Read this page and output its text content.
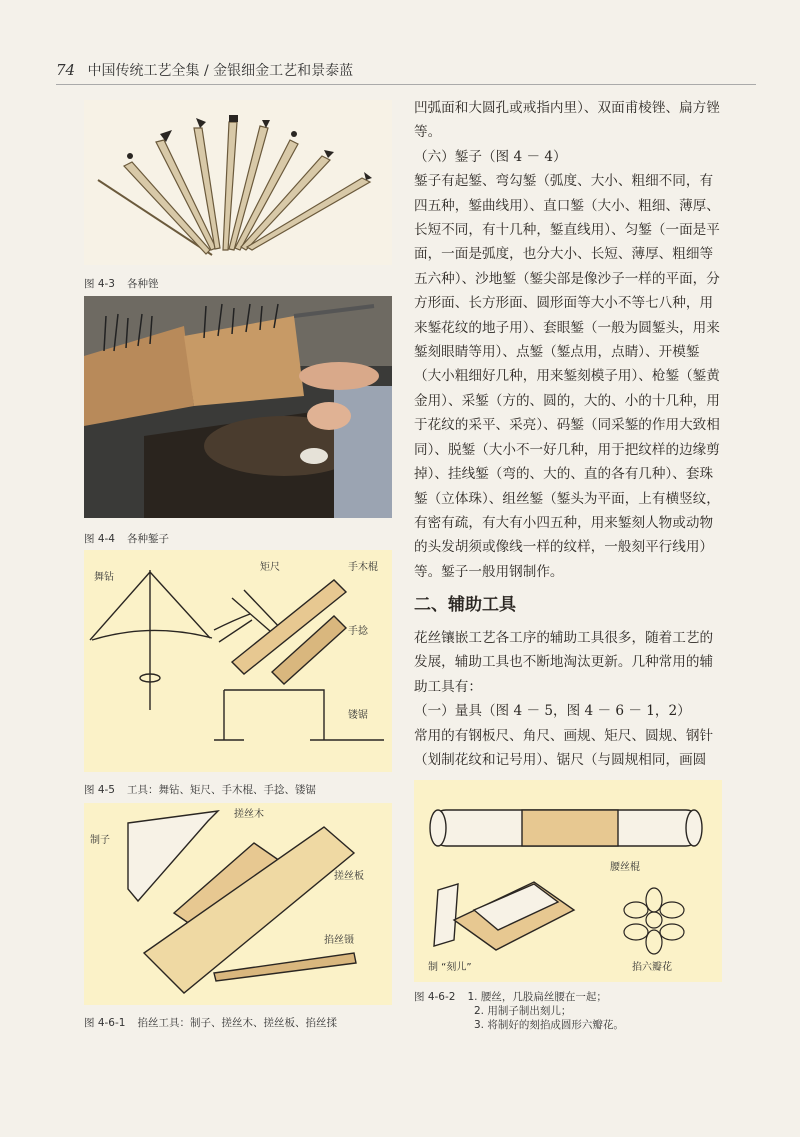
74 中国传统工艺全集 / 金银细金工艺和景泰蓝
图 4-3 各种锉
图 4-4 各种錾子
舞钻
矩尺	手木棍
手捻
镂锯
图 4-5 工具：舞钻、矩尺、手木棍、手捻、镂锯
制子
搓丝木
搓丝板
掐丝镊
图 4-6-1 掐丝工具：制子、搓丝木、搓丝板、掐丝揉

凹弧面和大圆孔或戒指内里）、双面甫棱锉、扁方锉等。

（六）錾子（图 4 － 4）

錾子有起錾、弯勾錾（弧度、大小、粗细不同，有四五种，錾曲线用）、直口錾（大小、粗细、薄厚、长短不同，有十几种，錾直线用）、匀錾（一面是平面，一面是弧度，也分大小、长短、薄厚、粗细等五六种）、沙地錾（錾尖部是像沙子一样的平面，分方形面、长方形面、圆形面等大小不等七八种，用来錾花纹的地子用）、套眼錾（一般为圆錾头，用来錾刻眼睛等用）、点錾（錾点用，点睛）、开模錾（大小粗细好几种，用来錾刻模子用）、枪錾（錾黄金用）、采錾（方的、圆的，大的、小的十几种，用于花纹的采平、采亮）、码錾（同采錾的作用大致相同）、脱錾（大小不一好几种，用于把纹样的边缘剪掉）、挂线錾（弯的、大的、直的各有几种）、套珠錾（立体珠）、组丝錾（錾头为平面，上有横竖纹，有密有疏，有大有小四五种，用来錾刻人物或动物的头发胡须或像线一样的纹样，一般刻平行线用）等。錾子一般用钢制作。

二、辅助工具

花丝镶嵌工艺各工序的辅助工具很多，随着工艺的发展，辅助工具也不断地淘汰更新。几种常用的辅助工具有：

（一）量具（图 4 － 5，图 4 － 6 － 1，2）

常用的有钢板尺、角尺、画规、矩尺、圆规、钢针（划制花纹和记号用）、锯尺（与圆规相同，画圆

腰丝棍
制 “刻儿”	掐六瓣花
图 4-6-2 1. 腰丝，几股扁丝腰在一起；
2. 用制子制出刻儿；
3. 将制好的刻掐成圆形六瓣花。
